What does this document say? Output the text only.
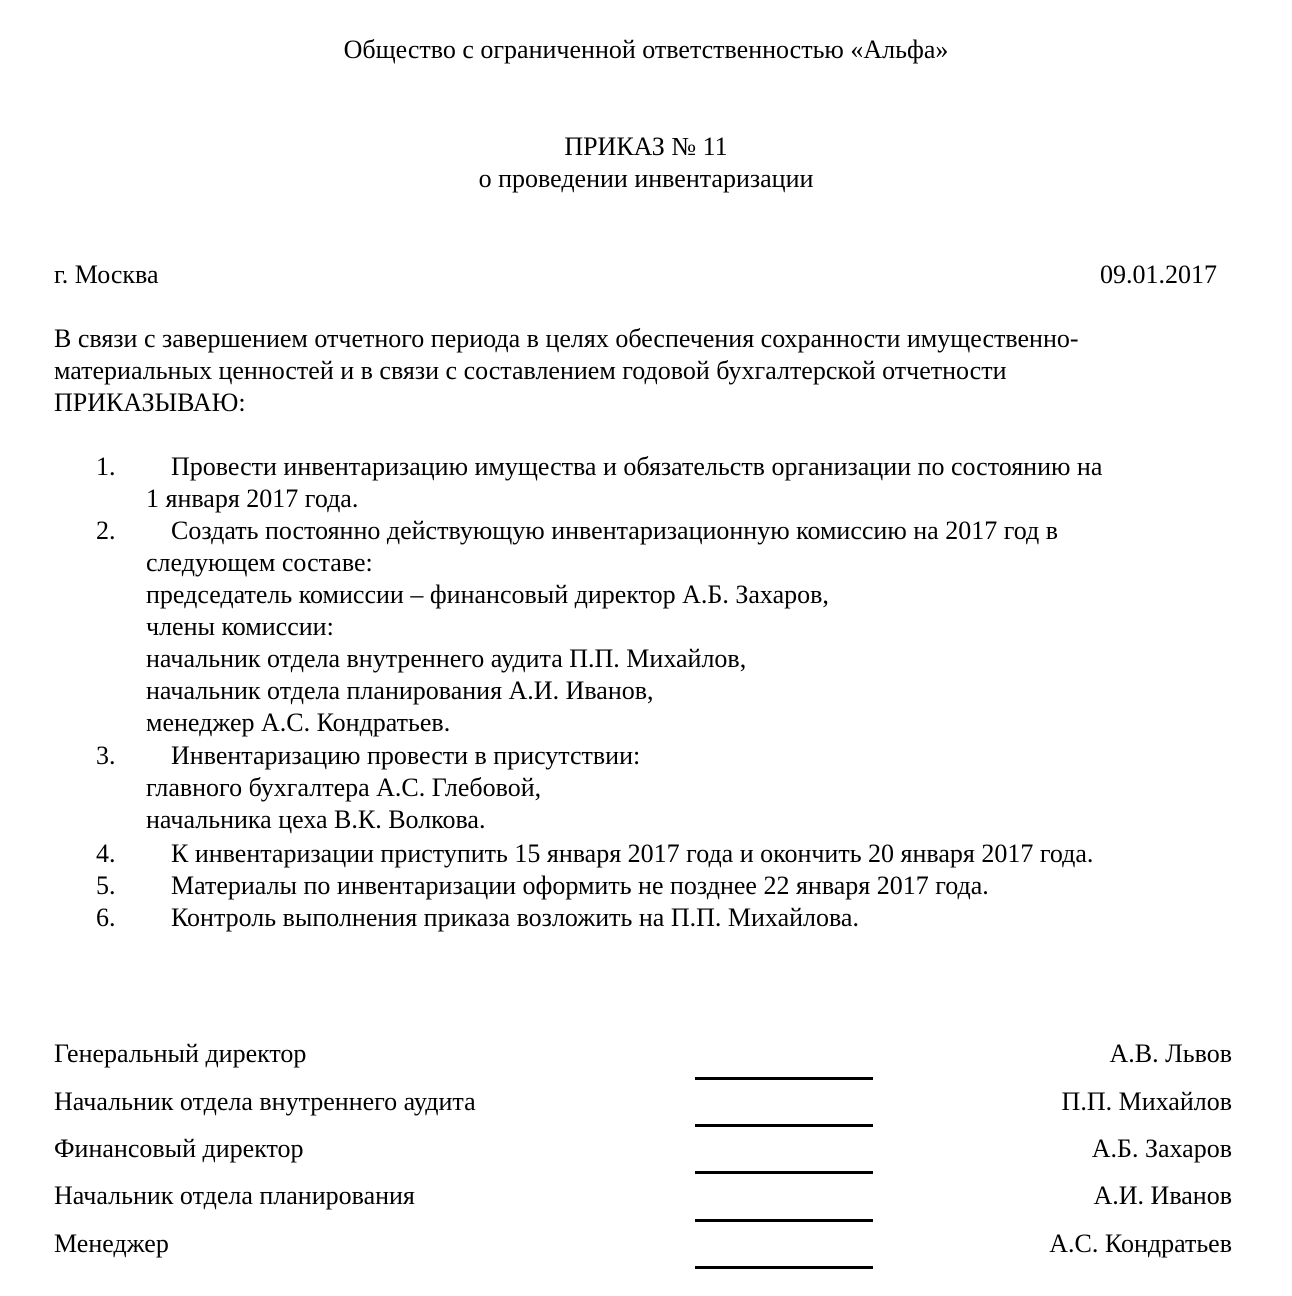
Общество с ограниченной ответственностью «Альфа»
ПРИКАЗ № 11
о проведении инвентаризации
г. Москва	09.01.2017
В связи с завершением отчетного периода в целях обеспечения сохранности имущественно-
материальных ценностей и в связи с составлением годовой бухгалтерской отчетности
ПРИКАЗЫВАЮ:
1. Провести инвентаризацию имущества и обязательств организации по состоянию на
1 января 2017 года.
2. Создать постоянно действующую инвентаризационную комиссию на 2017 год в
следующем составе:
председатель комиссии – финансовый директор А.Б. Захаров,
члены комиссии:
начальник отдела внутреннего аудита П.П. Михайлов,
начальник отдела планирования А.И. Иванов,
менеджер А.С. Кондратьев.
3. Инвентаризацию провести в присутствии:
главного бухгалтера А.С. Глебовой,
начальника цеха В.К. Волкова.
4. К инвентаризации приступить 15 января 2017 года и окончить 20 января 2017 года.
5. Материалы по инвентаризации оформить не позднее 22 января 2017 года.
6. Контроль выполнения приказа возложить на П.П. Михайлова.
Генеральный директор	А.В. Львов
Начальник отдела внутреннего аудита	П.П. Михайлов
Финансовый директор	А.Б. Захаров
Начальник отдела планирования	А.И. Иванов
Менеджер	А.С. Кондратьев
